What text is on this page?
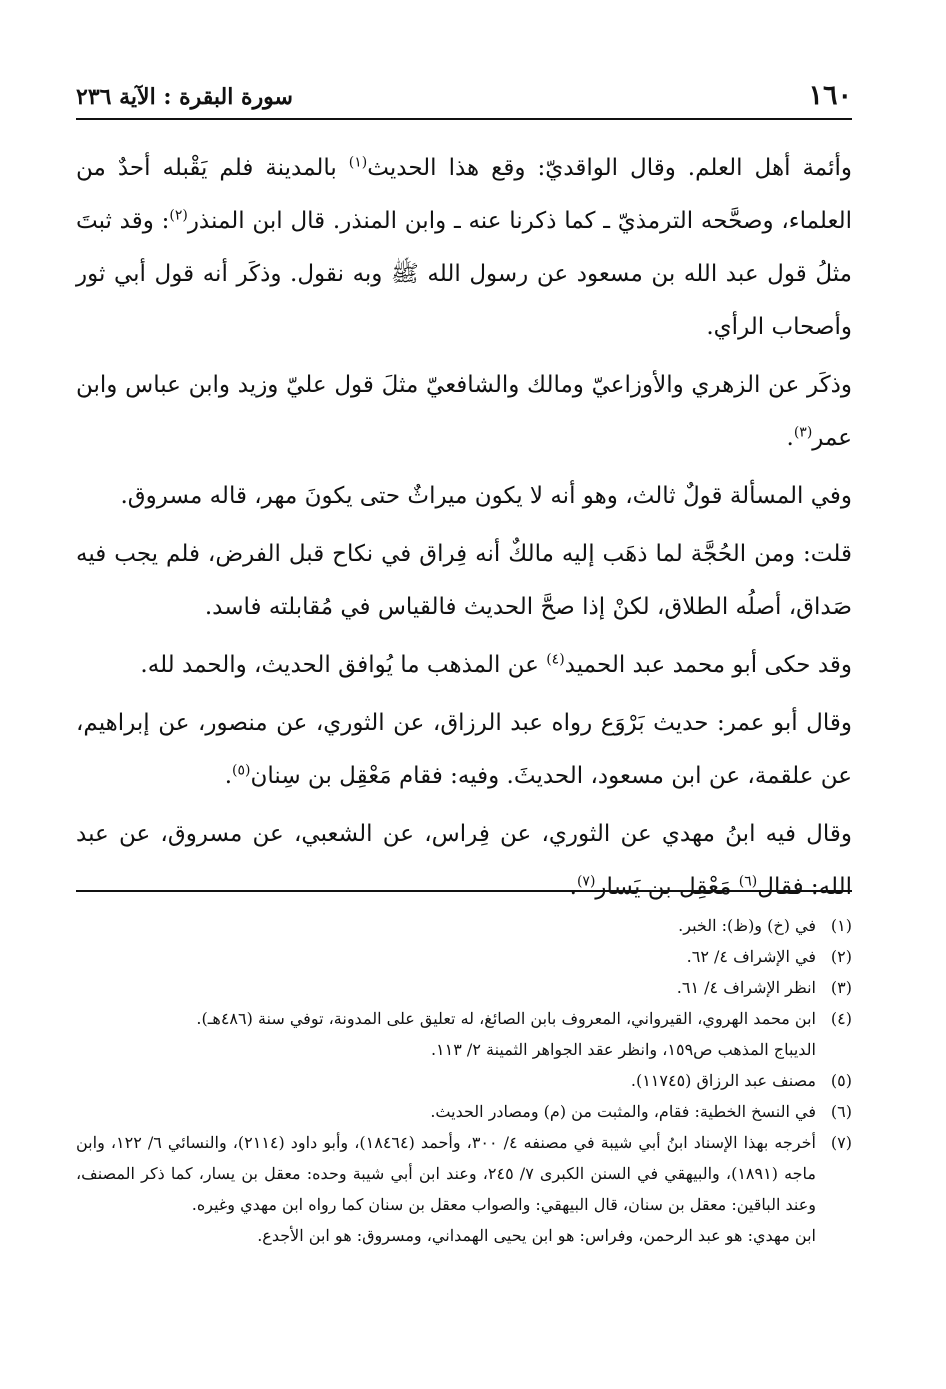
١٦٠
سورة البقرة : الآية ٢٣٦

وأئمة أهل العلم. وقال الواقديّ: وقع هذا الحديث$^{(١)}$ بالمدينة فلم يَقْبله أحدٌ من العلماء، وصحَّحه الترمذيّ ـ كما ذكرنا عنه ـ وابن المنذر. قال ابن المنذر$^{(٢)}$: وقد ثبتَ مثلُ قول عبد الله بن مسعود عن رسول الله ﷺ وبه نقول. وذكَر أنه قول أبي ثور وأصحاب الرأي.

وذكَر عن الزهري والأوزاعيّ ومالك والشافعيّ مثلَ قول عليّ وزيد وابن عباس وابن عمر$^{(٣)}$.

وفي المسألة قولٌ ثالث، وهو أنه لا يكون ميراثٌ حتى يكونَ مهر، قاله مسروق.

قلت: ومن الحُجَّة لما ذهَب إليه مالكٌ أنه فِراق في نكاح قبل الفرض، فلم يجب فيه صَداق، أصلُه الطلاق، لكنْ إذا صحَّ الحديث فالقياس في مُقابلته فاسد.

وقد حكى أبو محمد عبد الحميد$^{(٤)}$ عن المذهب ما يُوافق الحديث، والحمد لله.

وقال أبو عمر: حديث بَرْوَع رواه عبد الرزاق، عن الثوري، عن منصور، عن إبراهيم، عن علقمة، عن ابن مسعود، الحديثَ. وفيه: فقام مَعْقِل بن سِنان$^{(٥)}$.

وقال فيه ابنُ مهدي عن الثوري، عن فِراس، عن الشعبي، عن مسروق، عن عبد الله: فقال$^{(٦)}$ مَعْقِل بن يَسار$^{(٧)}$.

(١)
في (خ) و(ظ): الخبر.
(٢)
في الإشراف ٤/ ٦٢.
(٣)
انظر الإشراف ٤/ ٦١.
(٤)
ابن محمد الهروي، القيرواني، المعروف بابن الصائغ، له تعليق على المدونة، توفي سنة (٤٨٦هـ).

الديباج المذهب ص١٥٩، وانظر عقد الجواهر الثمينة ٢/ ١١٣.

(٥)
مصنف عبد الرزاق (١١٧٤٥).
(٦)
في النسخ الخطية: فقام، والمثبت من (م) ومصادر الحديث.
(٧)
أخرجه بهذا الإسناد ابنُ أبي شيبة في مصنفه ٤/ ٣٠٠، وأحمد (١٨٤٦٤)، وأبو داود (٢١١٤)، والنسائي ٦/ ١٢٢، وابن ماجه (١٨٩١)، والبيهقي في السنن الكبرى ٧/ ٢٤٥، وعند ابن أبي شيبة وحده: معقل بن يسار، كما ذكر المصنف، وعند الباقين: معقل بن سنان، قال البيهقي: والصواب معقل بن سنان كما رواه ابن مهدي وغيره.

ابن مهدي: هو عبد الرحمن، وفراس: هو ابن يحيى الهمداني، ومسروق: هو ابن الأجدع.
